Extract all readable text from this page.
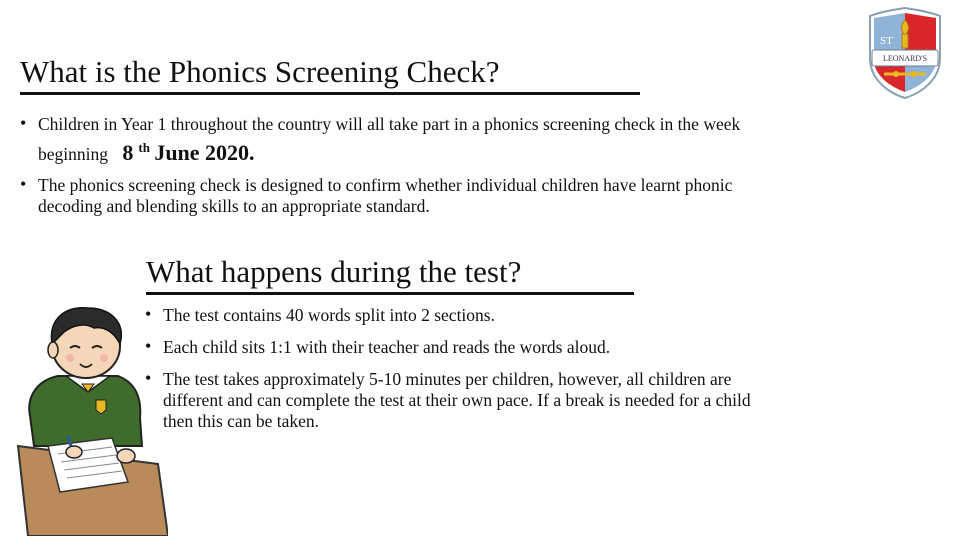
What is the Phonics Screening Check?
• Children in Year 1 throughout the country will all take part in a phonics screening check in the week
beginning 8 $^{th}$ June 2020.
• The phonics screening check is designed to confirm whether individual children have learnt phonic
decoding and blending skills to an appropriate standard.
What happens during the test?
• The test contains 40 words split into 2 sections.
• Each child sits 1:1 with their teacher and reads the words aloud.
• The test takes approximately 5-10 minutes per children, however, all children are
different and can complete the test at their own pace. If a break is needed for a child
then this can be taken.
ST
LEONARD'S
